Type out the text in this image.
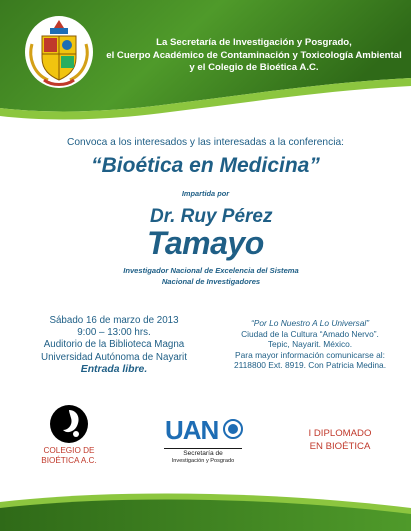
La Secretaría de Investigación y Posgrado,
el Cuerpo Académico de Contaminación y Toxicología Ambiental
y el Colegio de Bioética A.C.
Convoca a los interesados y las interesadas a la conferencia:
“Bioética en Medicina”
Impartida por
Dr. Ruy Pérez
Tamayo
Investigador Nacional de Excelencia del Sistema
Nacional de Investigadores
Sábado 16 de marzo de 2013
9:00 – 13:00 hrs.
Auditorio de la Biblioteca Magna
Universidad Autónoma de Nayarit
Entrada libre.
“Por Lo Nuestro A Lo Universal”
Ciudad de la Cultura “Amado Nervo”.
Tepic, Nayarit. México.
Para mayor información comunicarse al:
2118800 Ext. 8919. Con Patricia Medina.
COLEGIO DE
BIOÉTICA A.C.
UAN
Secretaría de
Investigación y Posgrado
I DIPLOMADO
EN BIOÉTICA
